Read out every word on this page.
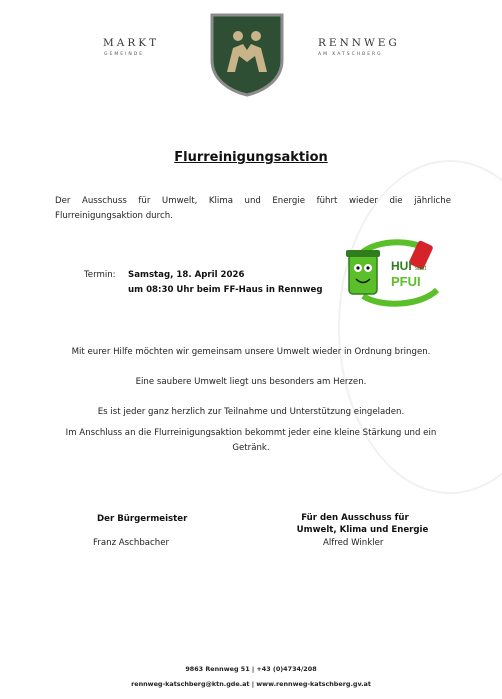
MARKT
GEMEINDE
RENNWEG
AM KATSCHBERG
Flurreinigungsaktion
Der Ausschuss für Umwelt, Klima und Energie führt wieder die jährliche Flurreinigungsaktion durch.
Termin: Samstag, 18. April 2026
um 08:30 Uhr beim FF-Haus in Rennweg
HUI statt
PFUI
Mit eurer Hilfe möchten wir gemeinsam unsere Umwelt wieder in Ordnung bringen.
Eine saubere Umwelt liegt uns besonders am Herzen.
Es ist jeder ganz herzlich zur Teilnahme und Unterstützung eingeladen.
Im Anschluss an die Flurreinigungsaktion bekommt jeder eine kleine Stärkung und ein Getränk.
Der Bürgermeister
Franz Aschbacher
Für den Ausschuss für
Umwelt, Klima und Energie
Alfred Winkler
9863 Rennweg 51 | +43 (0)4734/208
rennweg-katschberg@ktn.gde.at | www.rennweg-katschberg.gv.at
